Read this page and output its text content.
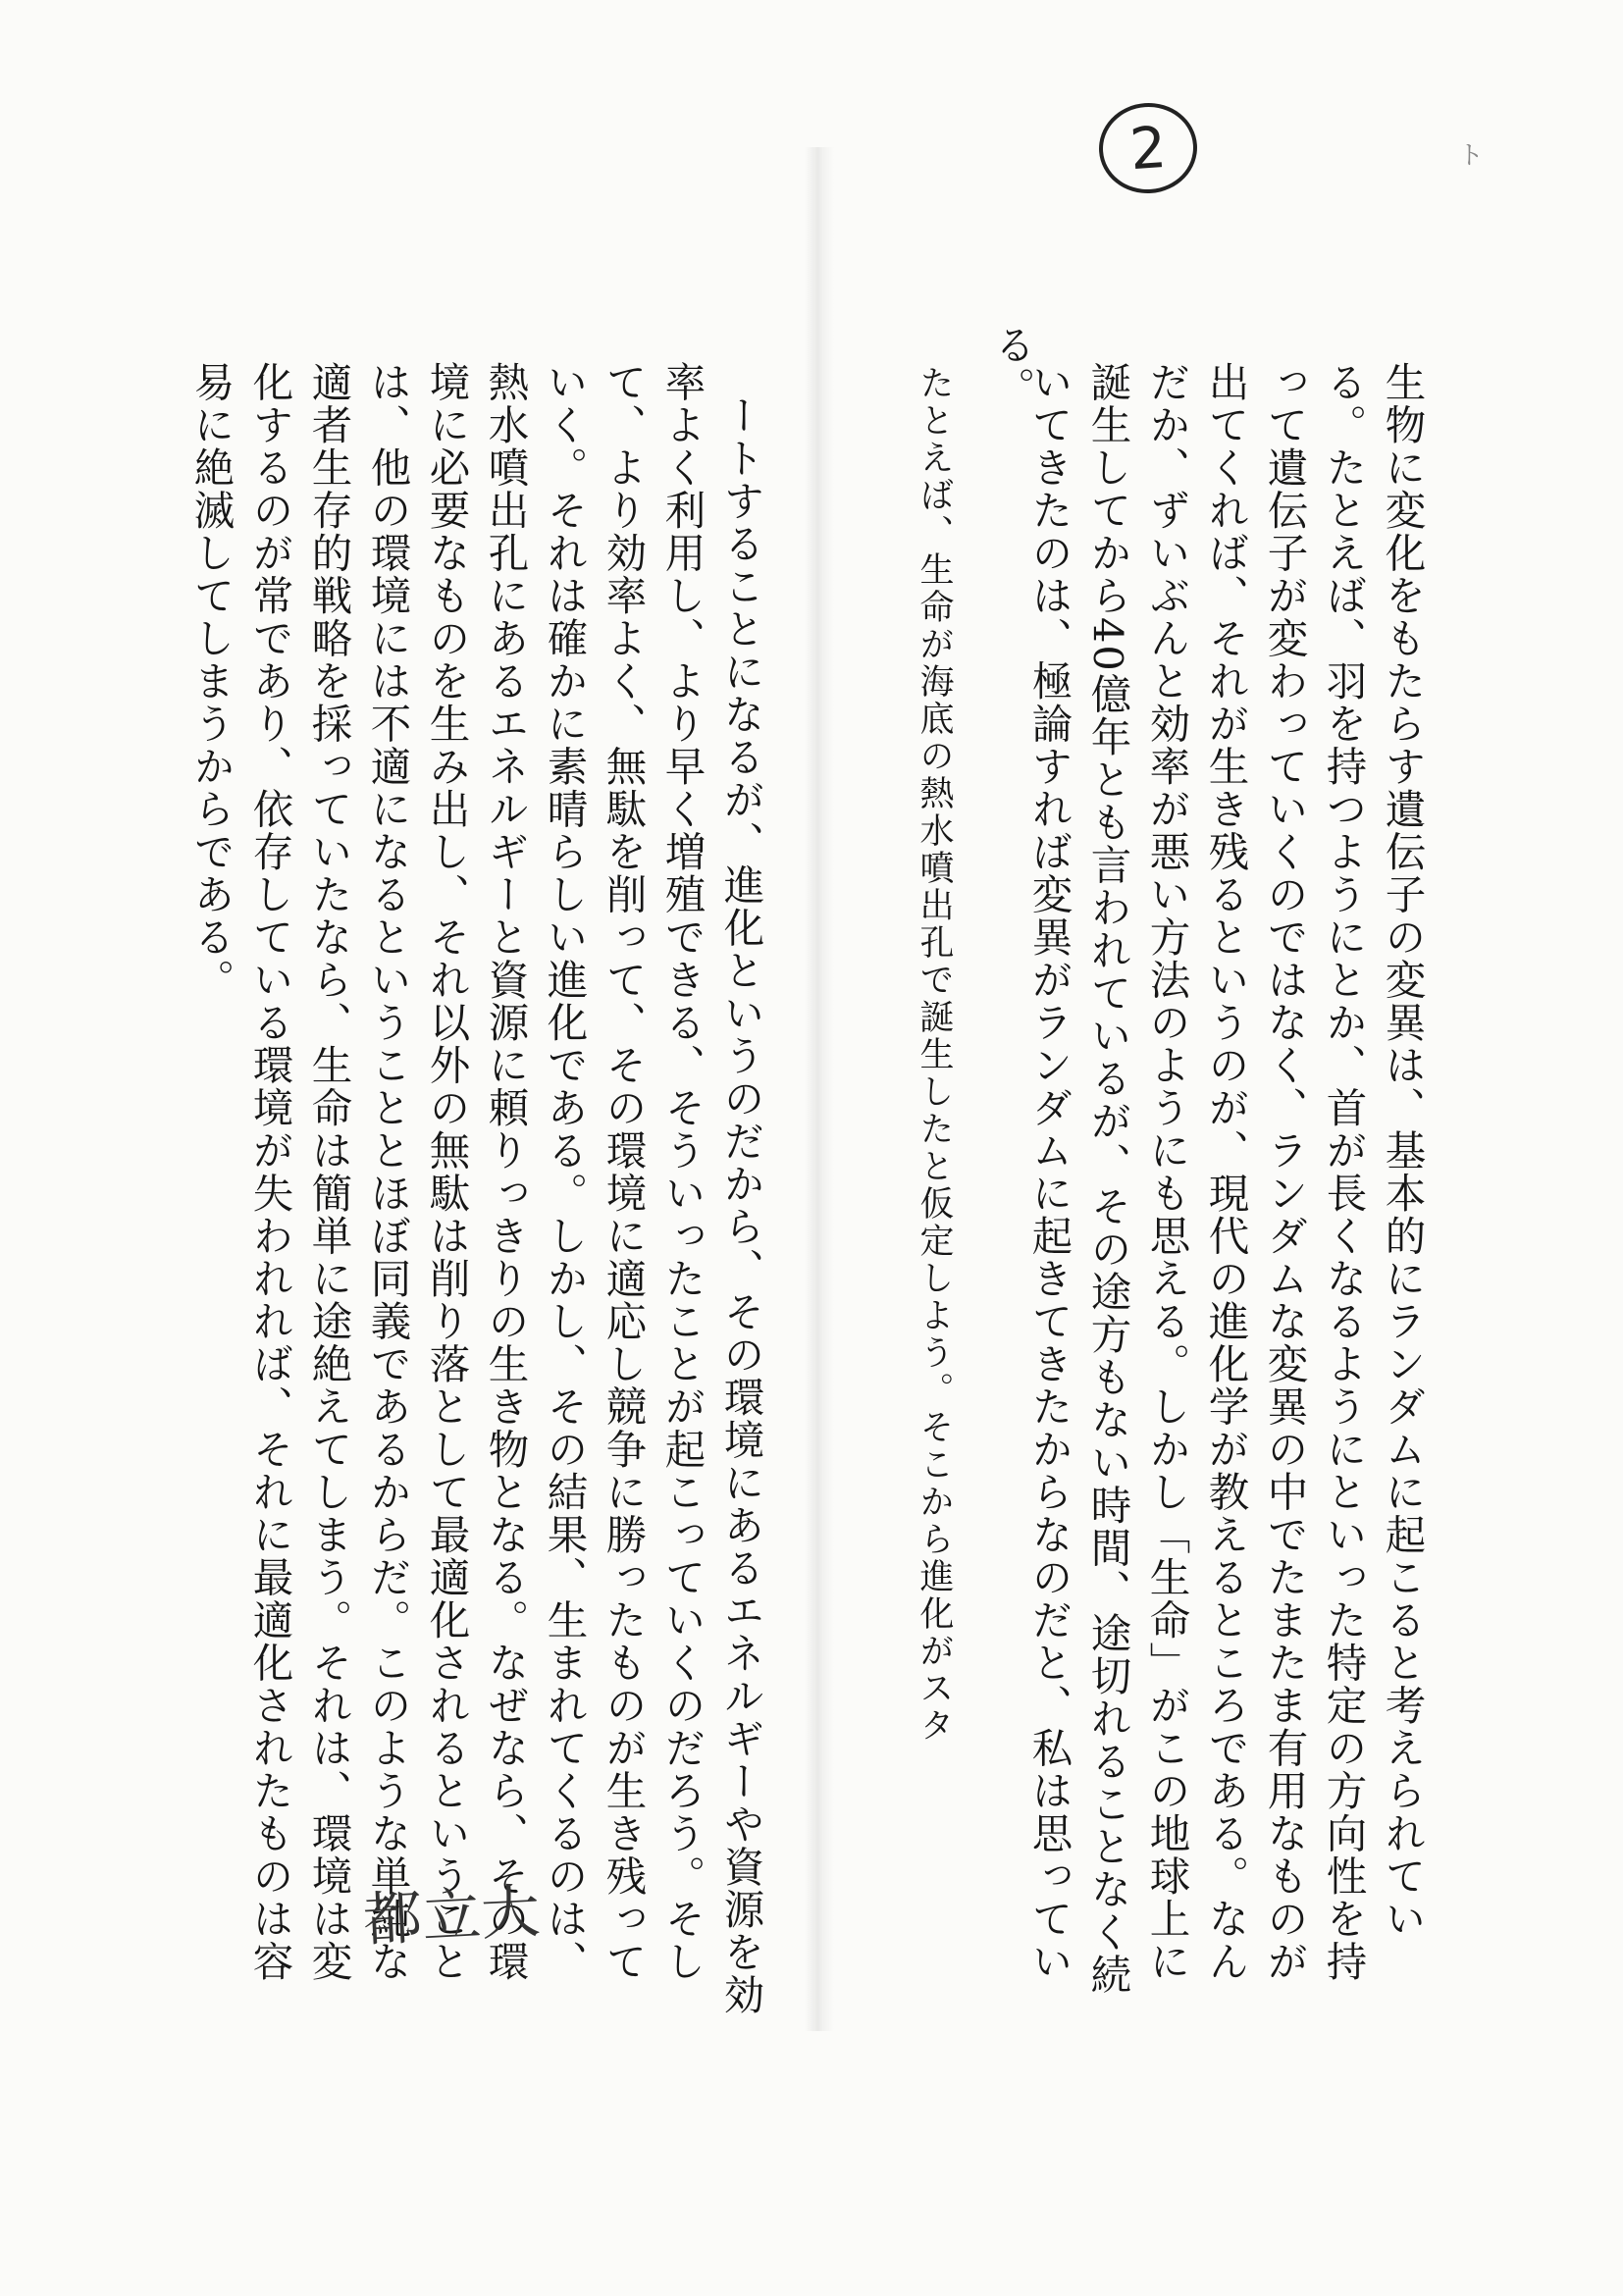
2	ト
生物に変化をもたらす遺伝子の変異は、基本的にランダムに起こると考えられてい
る。たとえば、羽を持つようにとか、首が長くなるようにといった特定の方向性を持
って遺伝子が変わっていくのではなく、ランダムな変異の中でたまたま有用なものが
出てくれば、それが生き残るというのが、現代の進化学が教えるところである。なん
だか、ずいぶんと効率が悪い方法のようにも思える。しかし「生命」がこの地球上に
誕生してから40億年とも言われているが、その途方もない時間、途切れることなく続
いてきたのは、極論すれば変異がランダムに起きてきたからなのだと、私は思ってい
る。
たとえば、生命が海底の熱水噴出孔で誕生したと仮定しよう。そこから進化がスタ
ートすることになるが、進化というのだから、その環境にあるエネルギーや資源を効
率よく利用し、より早く増殖できる、そういったことが起こっていくのだろう。そし
て、より効率よく、無駄を削って、その環境に適応し競争に勝ったものが生き残って
いく。それは確かに素晴らしい進化である。しかし、その結果、生まれてくるのは、
熱水噴出孔にあるエネルギーと資源に頼りっきりの生き物となる。なぜなら、その環
境に必要なものを生み出し、それ以外の無駄は削り落として最適化されるということ
は、他の環境には不適になるということとほぼ同義であるからだ。このような単純な
適者生存的戦略を採っていたなら、生命は簡単に途絶えてしまう。それは、環境は変
化するのが常であり、依存している環境が失われれば、それに最適化されたものは容
易に絶滅してしまうからである。
都立大
